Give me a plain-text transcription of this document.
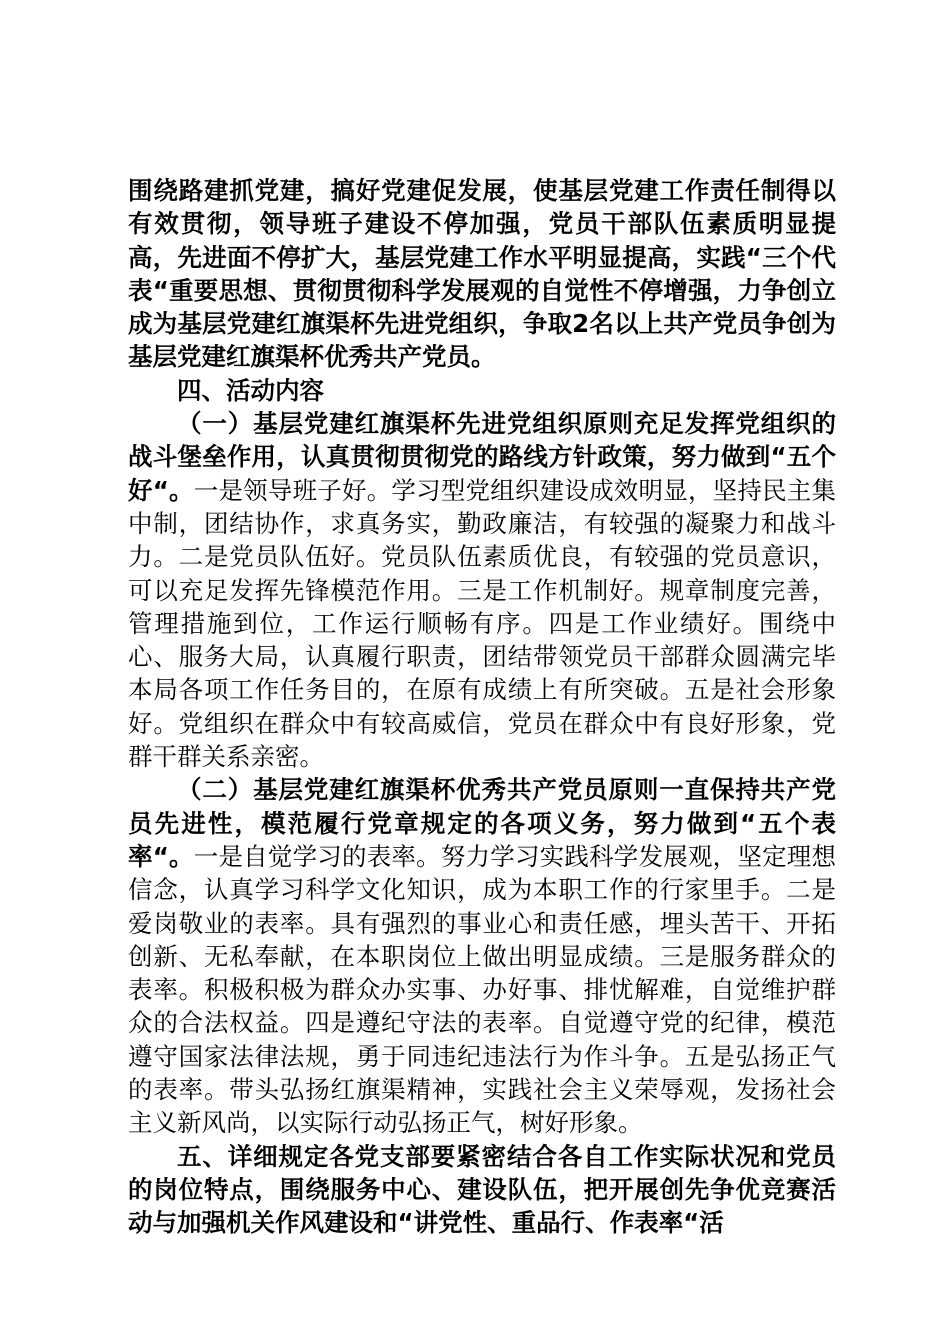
围绕路建抓党建，搞好党建促发展，使基层党建工作责任制得以有效贯彻，领导班子建设不停加强，党员干部队伍素质明显提高，先进面不停扩大，基层党建工作水平明显提高，实践“三个代表“重要思想、贯彻贯彻科学发展观的自觉性不停增强，力争创立成为基层党建红旗渠杯先进党组织，争取2名以上共产党员争创为基层党建红旗渠杯优秀共产党员。

四、活动内容

（一）基层党建红旗渠杯先进党组织原则充足发挥党组织的战斗堡垒作用，认真贯彻贯彻党的路线方针政策，努力做到“五个好“。一是领导班子好。学习型党组织建设成效明显，坚持民主集中制，团结协作，求真务实，勤政廉洁，有较强的凝聚力和战斗力。二是党员队伍好。党员队伍素质优良，有较强的党员意识，可以充足发挥先锋模范作用。三是工作机制好。规章制度完善，管理措施到位，工作运行顺畅有序。四是工作业绩好。围绕中心、服务大局，认真履行职责，团结带领党员干部群众圆满完毕本局各项工作任务目的，在原有成绩上有所突破。五是社会形象好。党组织在群众中有较高威信，党员在群众中有良好形象，党群干群关系亲密。

（二）基层党建红旗渠杯优秀共产党员原则一直保持共产党员先进性，模范履行党章规定的各项义务，努力做到“五个表率“。一是自觉学习的表率。努力学习实践科学发展观，坚定理想信念，认真学习科学文化知识，成为本职工作的行家里手。二是爱岗敬业的表率。具有强烈的事业心和责任感，埋头苦干、开拓创新、无私奉献，在本职岗位上做出明显成绩。三是服务群众的表率。积极积极为群众办实事、办好事、排忧解难，自觉维护群众的合法权益。四是遵纪守法的表率。自觉遵守党的纪律，模范遵守国家法律法规，勇于同违纪违法行为作斗争。五是弘扬正气的表率。带头弘扬红旗渠精神，实践社会主义荣辱观，发扬社会主义新风尚，以实际行动弘扬正气，树好形象。

五、详细规定各党支部要紧密结合各自工作实际状况和党员的岗位特点，围绕服务中心、建设队伍，把开展创先争优竞赛活动与加强机关作风建设和“讲党性、重品行、作表率“活
